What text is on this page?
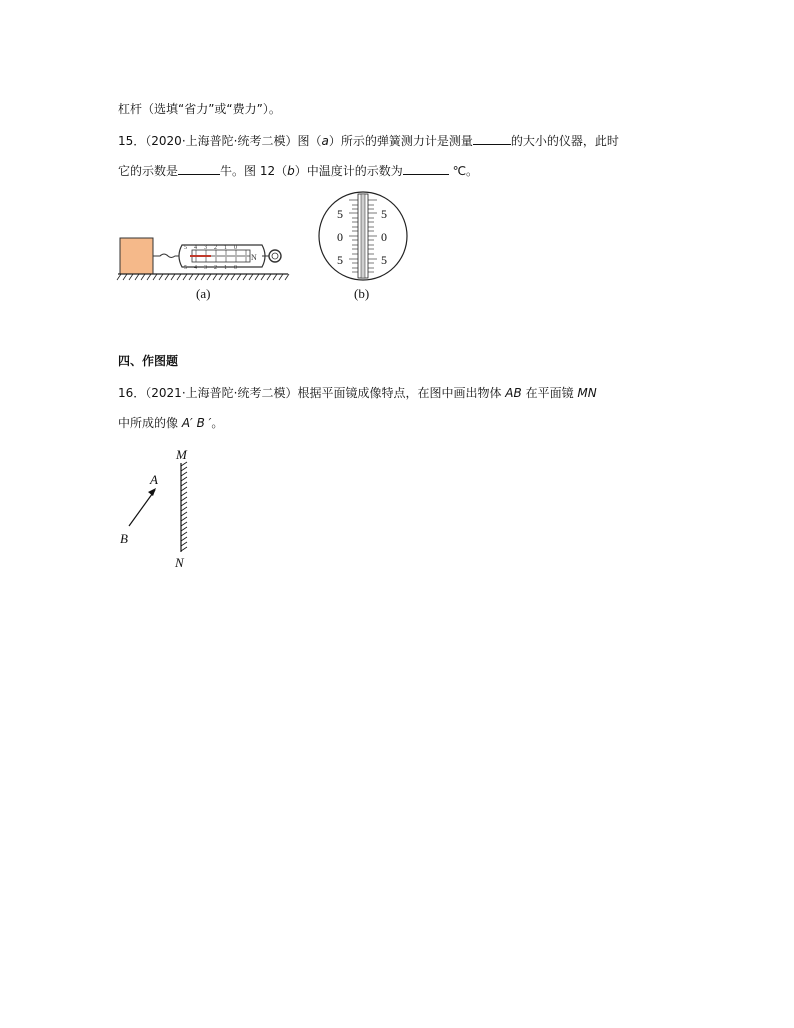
杠杆（选填“省力”或“费力”）。
15．（2020·上海普陀·统考二模）图（a）所示的弹簧测力计是测量	的大小的仪器，此时
它的示数是	牛。图 12（b）中温度计的示数为	℃。
5 4 3 2 1 0
5 4 3 2 1 0
N
(a)
5
0
5
5
0
5
(b)
M
N
A
B
四、作图题
16．（2021·上海普陀·统考二模）根据平面镜成像特点，在图中画出物体 AB 在平面镜 MN
中所成的像 A′ B ′。
